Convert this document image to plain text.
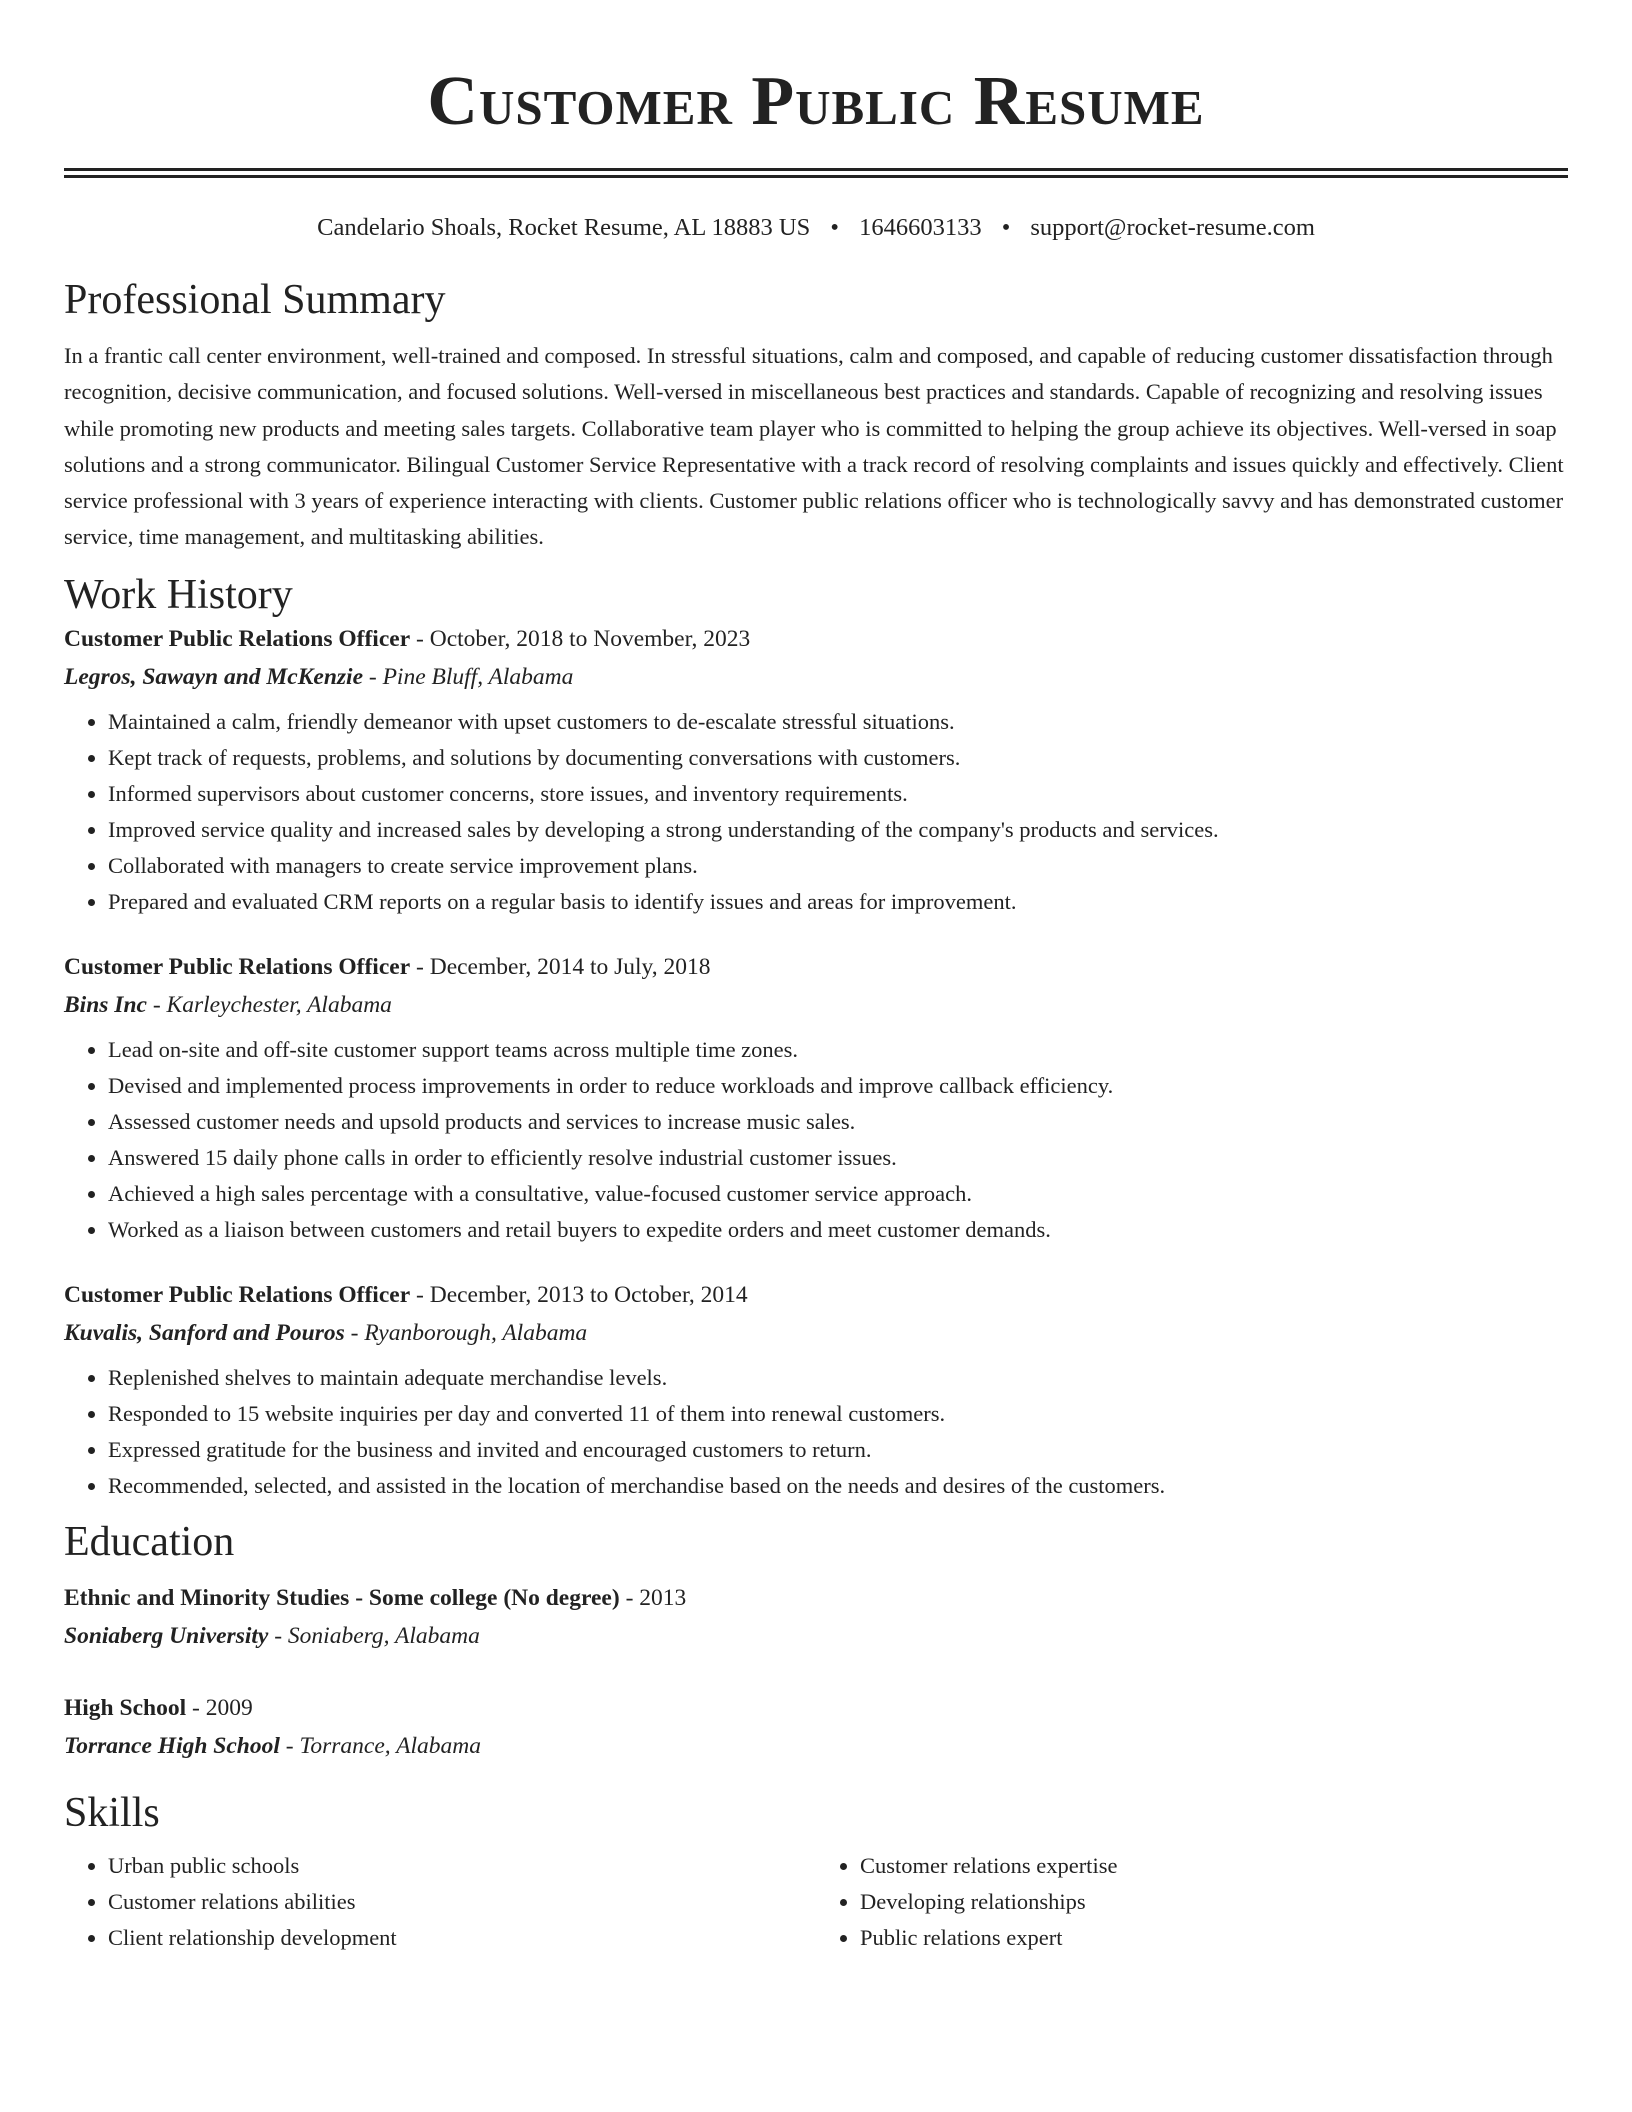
Customer Public Resume
Candelario Shoals, Rocket Resume, AL 18883 US • 1646603133 • support@rocket-resume.com
Professional Summary
In a frantic call center environment, well-trained and composed. In stressful situations, calm and composed, and capable of reducing customer dissatisfaction through recognition, decisive communication, and focused solutions. Well-versed in miscellaneous best practices and standards. Capable of recognizing and resolving issues while promoting new products and meeting sales targets. Collaborative team player who is committed to helping the group achieve its objectives. Well-versed in soap solutions and a strong communicator. Bilingual Customer Service Representative with a track record of resolving complaints and issues quickly and effectively. Client service professional with 3 years of experience interacting with clients. Customer public relations officer who is technologically savvy and has demonstrated customer service, time management, and multitasking abilities.
Work History
Customer Public Relations Officer - October, 2018 to November, 2023
Legros, Sawayn and McKenzie - Pine Bluff, Alabama
• Maintained a calm, friendly demeanor with upset customers to de-escalate stressful situations.
• Kept track of requests, problems, and solutions by documenting conversations with customers.
• Informed supervisors about customer concerns, store issues, and inventory requirements.
• Improved service quality and increased sales by developing a strong understanding of the company's products and services.
• Collaborated with managers to create service improvement plans.
• Prepared and evaluated CRM reports on a regular basis to identify issues and areas for improvement.
Customer Public Relations Officer - December, 2014 to July, 2018
Bins Inc - Karleychester, Alabama
• Lead on-site and off-site customer support teams across multiple time zones.
• Devised and implemented process improvements in order to reduce workloads and improve callback efficiency.
• Assessed customer needs and upsold products and services to increase music sales.
• Answered 15 daily phone calls in order to efficiently resolve industrial customer issues.
• Achieved a high sales percentage with a consultative, value-focused customer service approach.
• Worked as a liaison between customers and retail buyers to expedite orders and meet customer demands.
Customer Public Relations Officer - December, 2013 to October, 2014
Kuvalis, Sanford and Pouros - Ryanborough, Alabama
• Replenished shelves to maintain adequate merchandise levels.
• Responded to 15 website inquiries per day and converted 11 of them into renewal customers.
• Expressed gratitude for the business and invited and encouraged customers to return.
• Recommended, selected, and assisted in the location of merchandise based on the needs and desires of the customers.
Education
Ethnic and Minority Studies - Some college (No degree) - 2013
Soniaberg University - Soniaberg, Alabama
High School - 2009
Torrance High School - Torrance, Alabama
Skills
• Urban public schools
• Customer relations abilities
• Client relationship development
• Customer relations expertise
• Developing relationships
• Public relations expert
